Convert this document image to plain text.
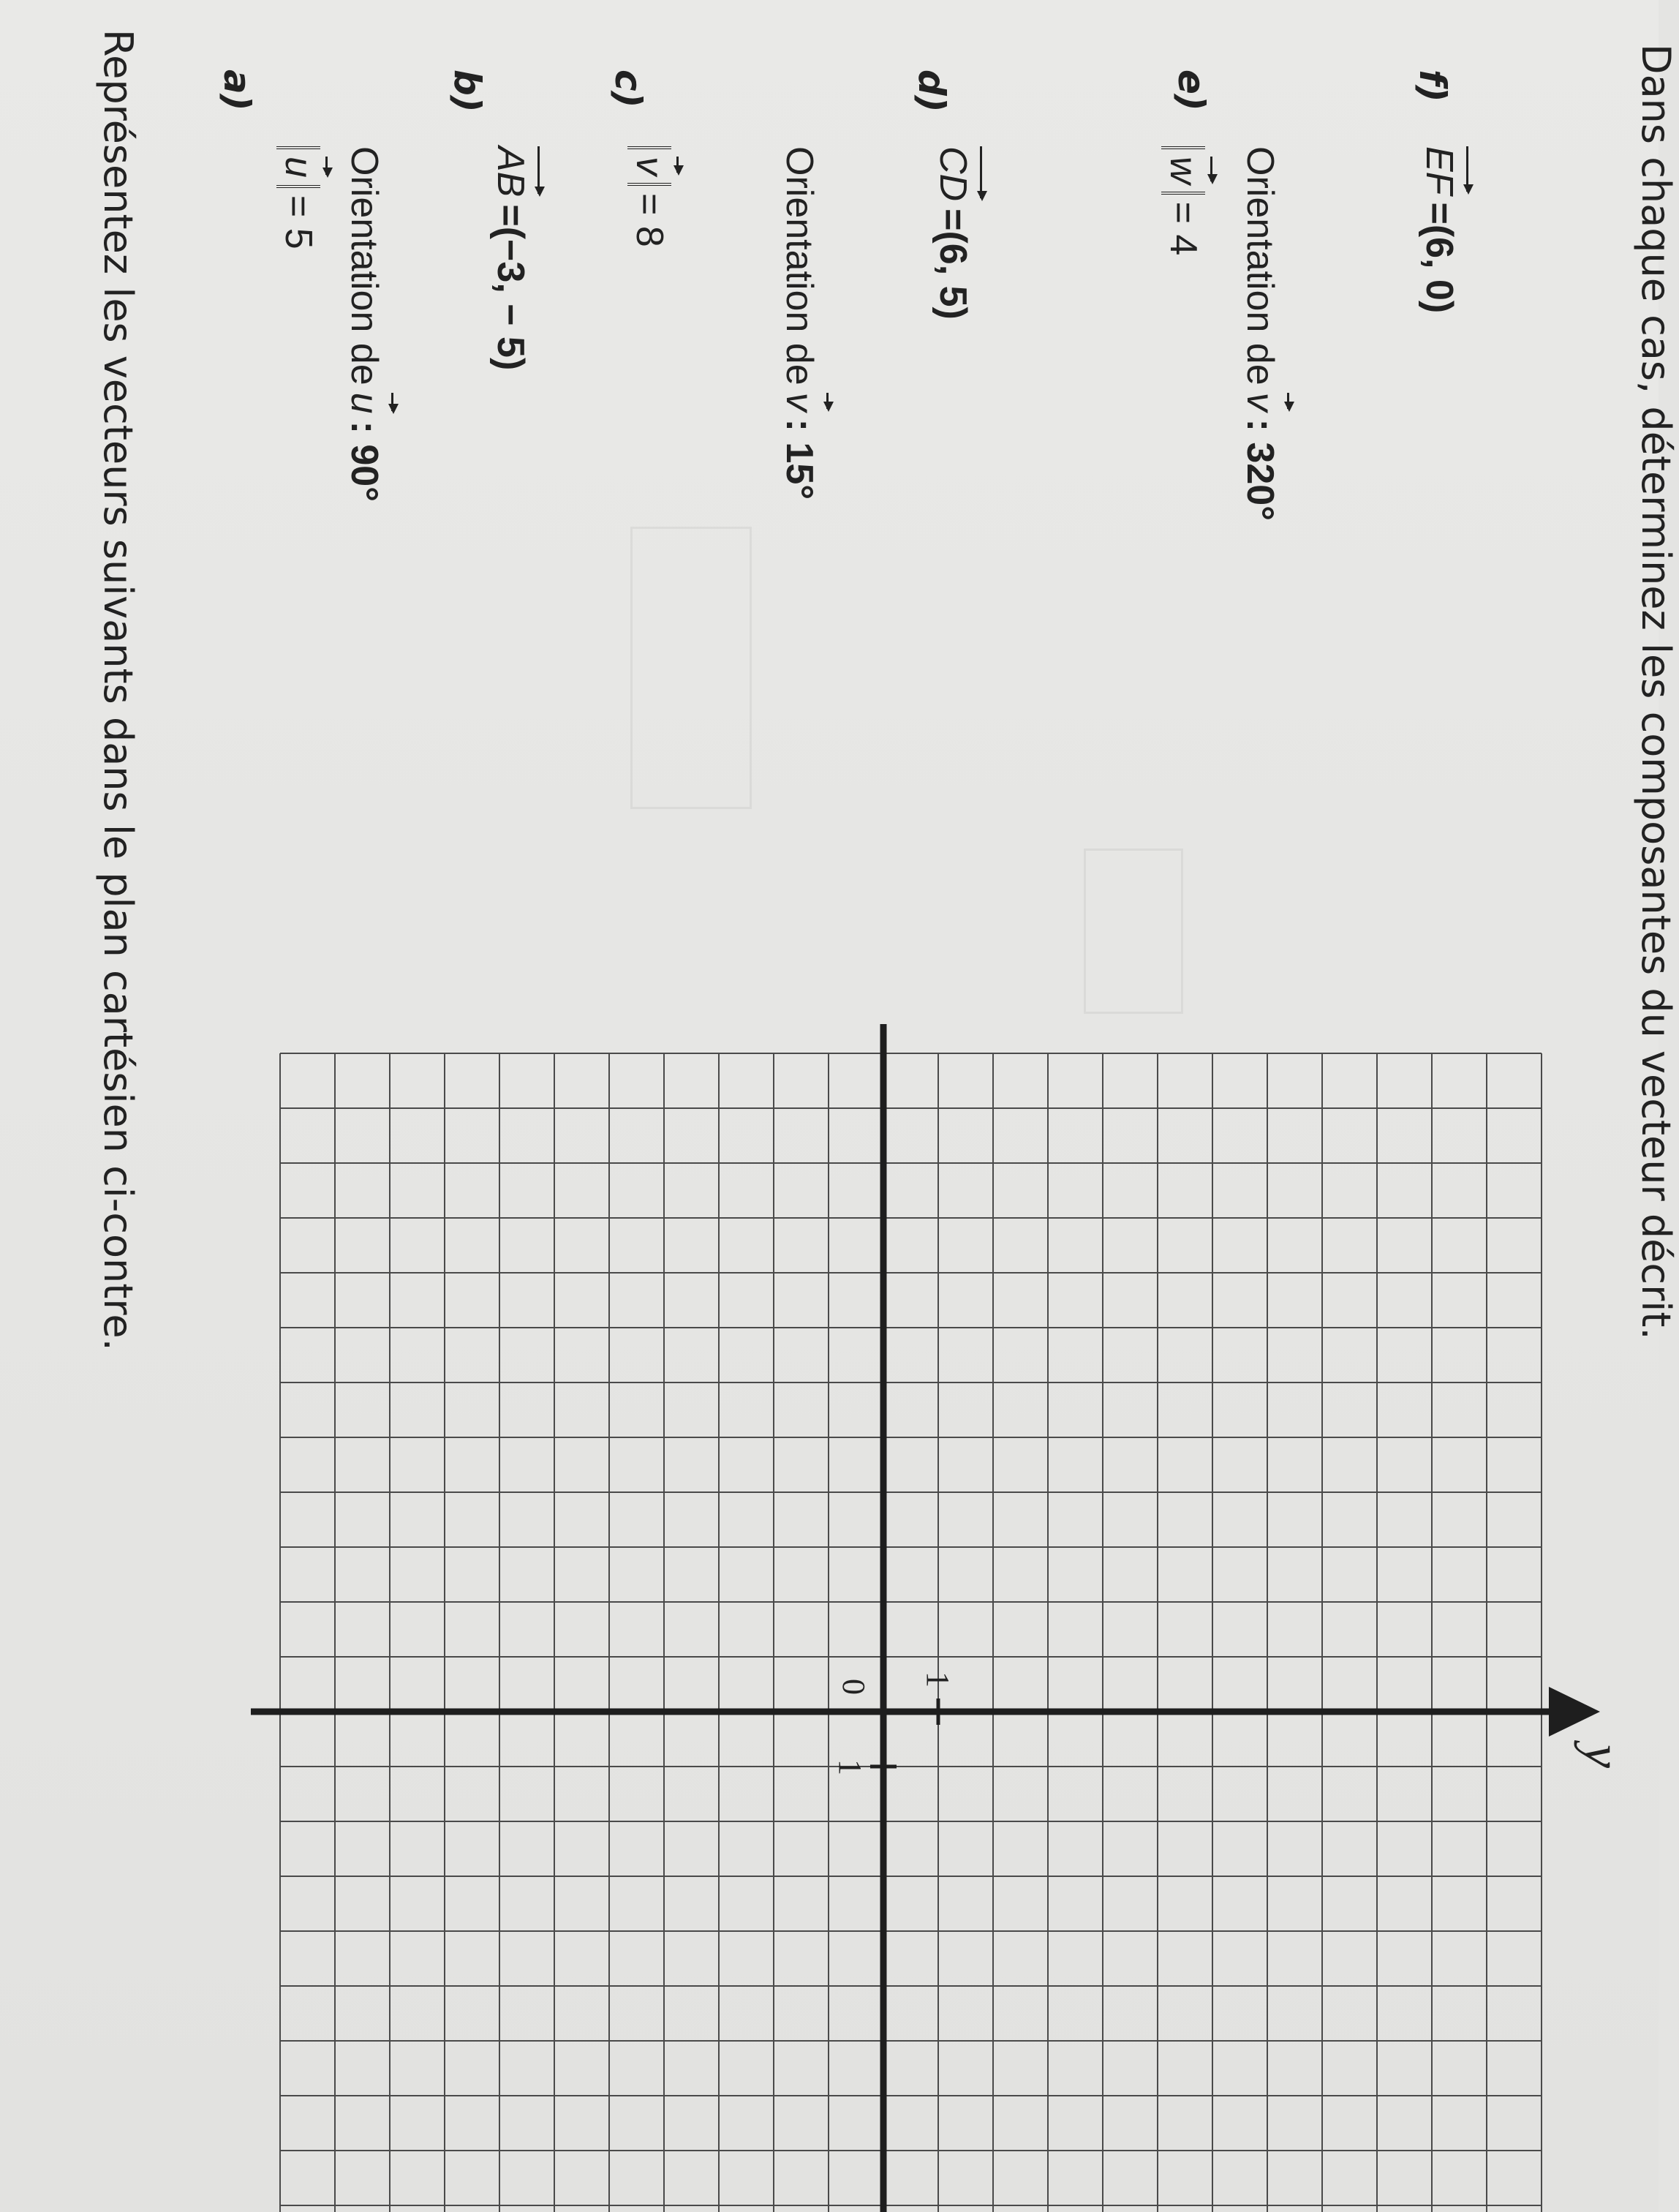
Représentez les vecteurs suivants dans le plan cartésien ci-contre. a)
u
= 5 Orientation de
u
: 90°
b)
AB
=(−3, − 5)
c)
v
= 8	Orientation de
v
: 15°
d)
CD
=(6, 5)
e)
w
= 4 Orientation de
v
: 320°
f)
EF
=(6, 0)
y
0
1
1
Dans chaque cas, déterminez les composantes du vecteur décrit.
